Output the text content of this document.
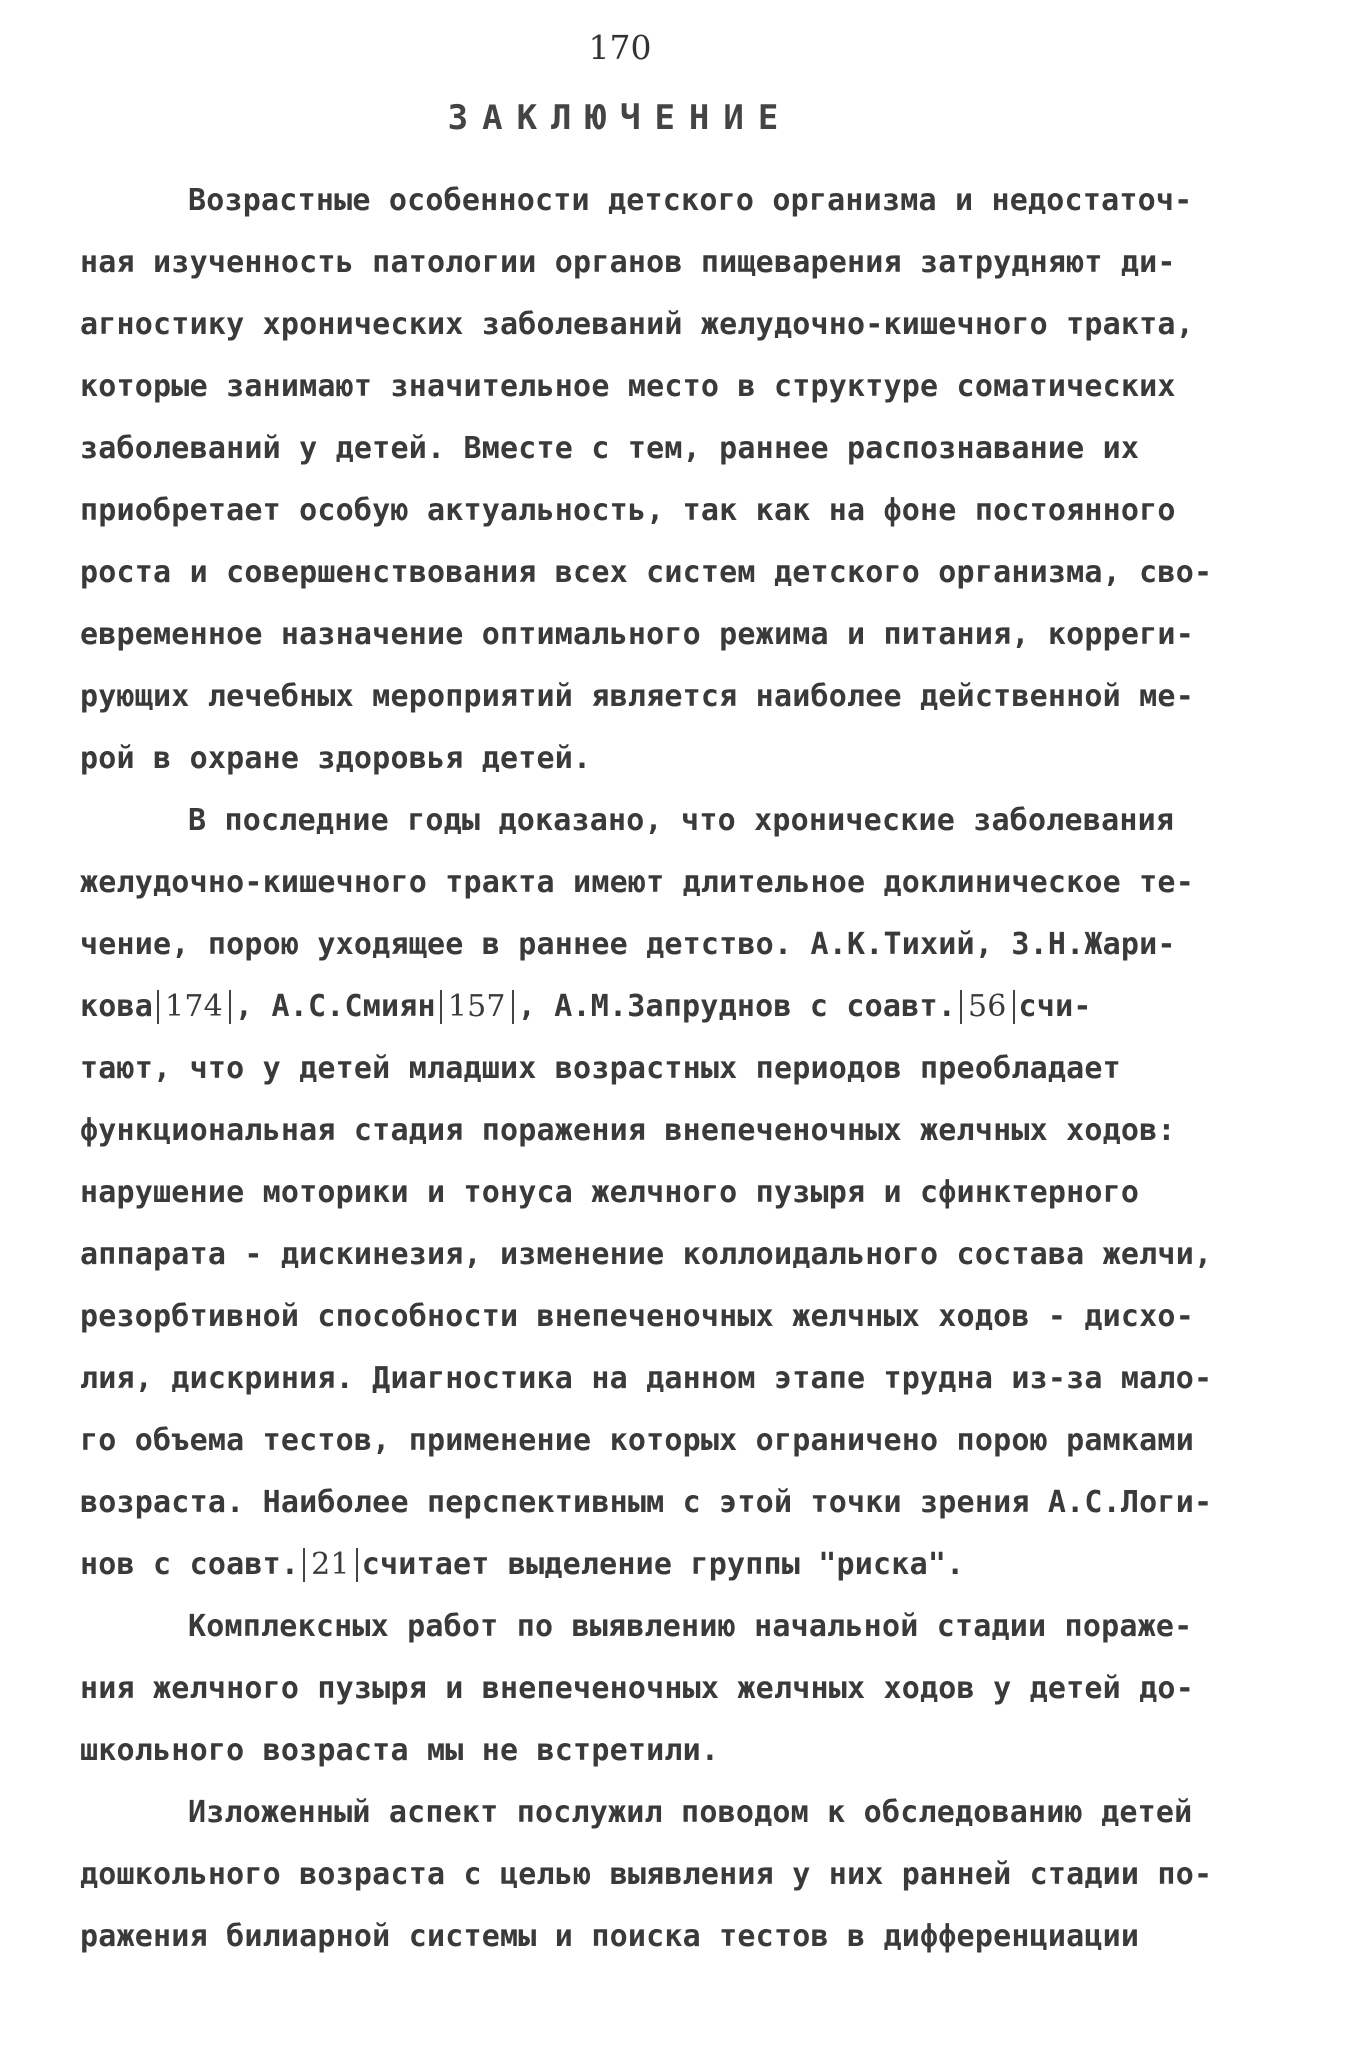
170
ЗАКЛЮЧЕНИЕ
Возрастные особенности детского организма и недостаточ-
ная изученность патологии органов пищеварения затрудняют ди-
агностику хронических заболеваний желудочно-кишечного тракта,
которые занимают значительное место в структуре соматических
заболеваний у детей. Вместе с тем, раннее распознавание их
приобретает особую актуальность, так как на фоне постоянного
роста и совершенствования всех систем детского организма, сво-
евременное назначение оптимального режима и питания, корреги-
рующих лечебных мероприятий является наиболее действенной ме-
рой в охране здоровья детей.
В последние годы доказано, что хронические заболевания
желудочно-кишечного тракта имеют длительное доклиническое те-
чение, порою уходящее в раннее детство. А.К.Тихий, З.Н.Жари-
кова 174 , А.С.Смиян 157 , А.М.Запруднов с соавт. 56 счи-
тают, что у детей младших возрастных периодов преобладает
функциональная стадия поражения внепеченочных желчных ходов:
нарушение моторики и тонуса желчного пузыря и сфинктерного
аппарата - дискинезия, изменение коллоидального состава желчи,
резорбтивной способности внепеченочных желчных ходов - дисхо-
лия, дискриния. Диагностика на данном этапе трудна из-за мало-
го объема тестов, применение которых ограничено порою рамками
возраста. Наиболее перспективным с этой точки зрения А.С.Логи-
нов с соавт. 21 считает выделение группы "риска".
Комплексных работ по выявлению начальной стадии пораже-
ния желчного пузыря и внепеченочных желчных ходов у детей до-
школьного возраста мы не встретили.
Изложенный аспект послужил поводом к обследованию детей
дошкольного возраста с целью выявления у них ранней стадии по-
ражения билиарной системы и поиска тестов в дифференциации
